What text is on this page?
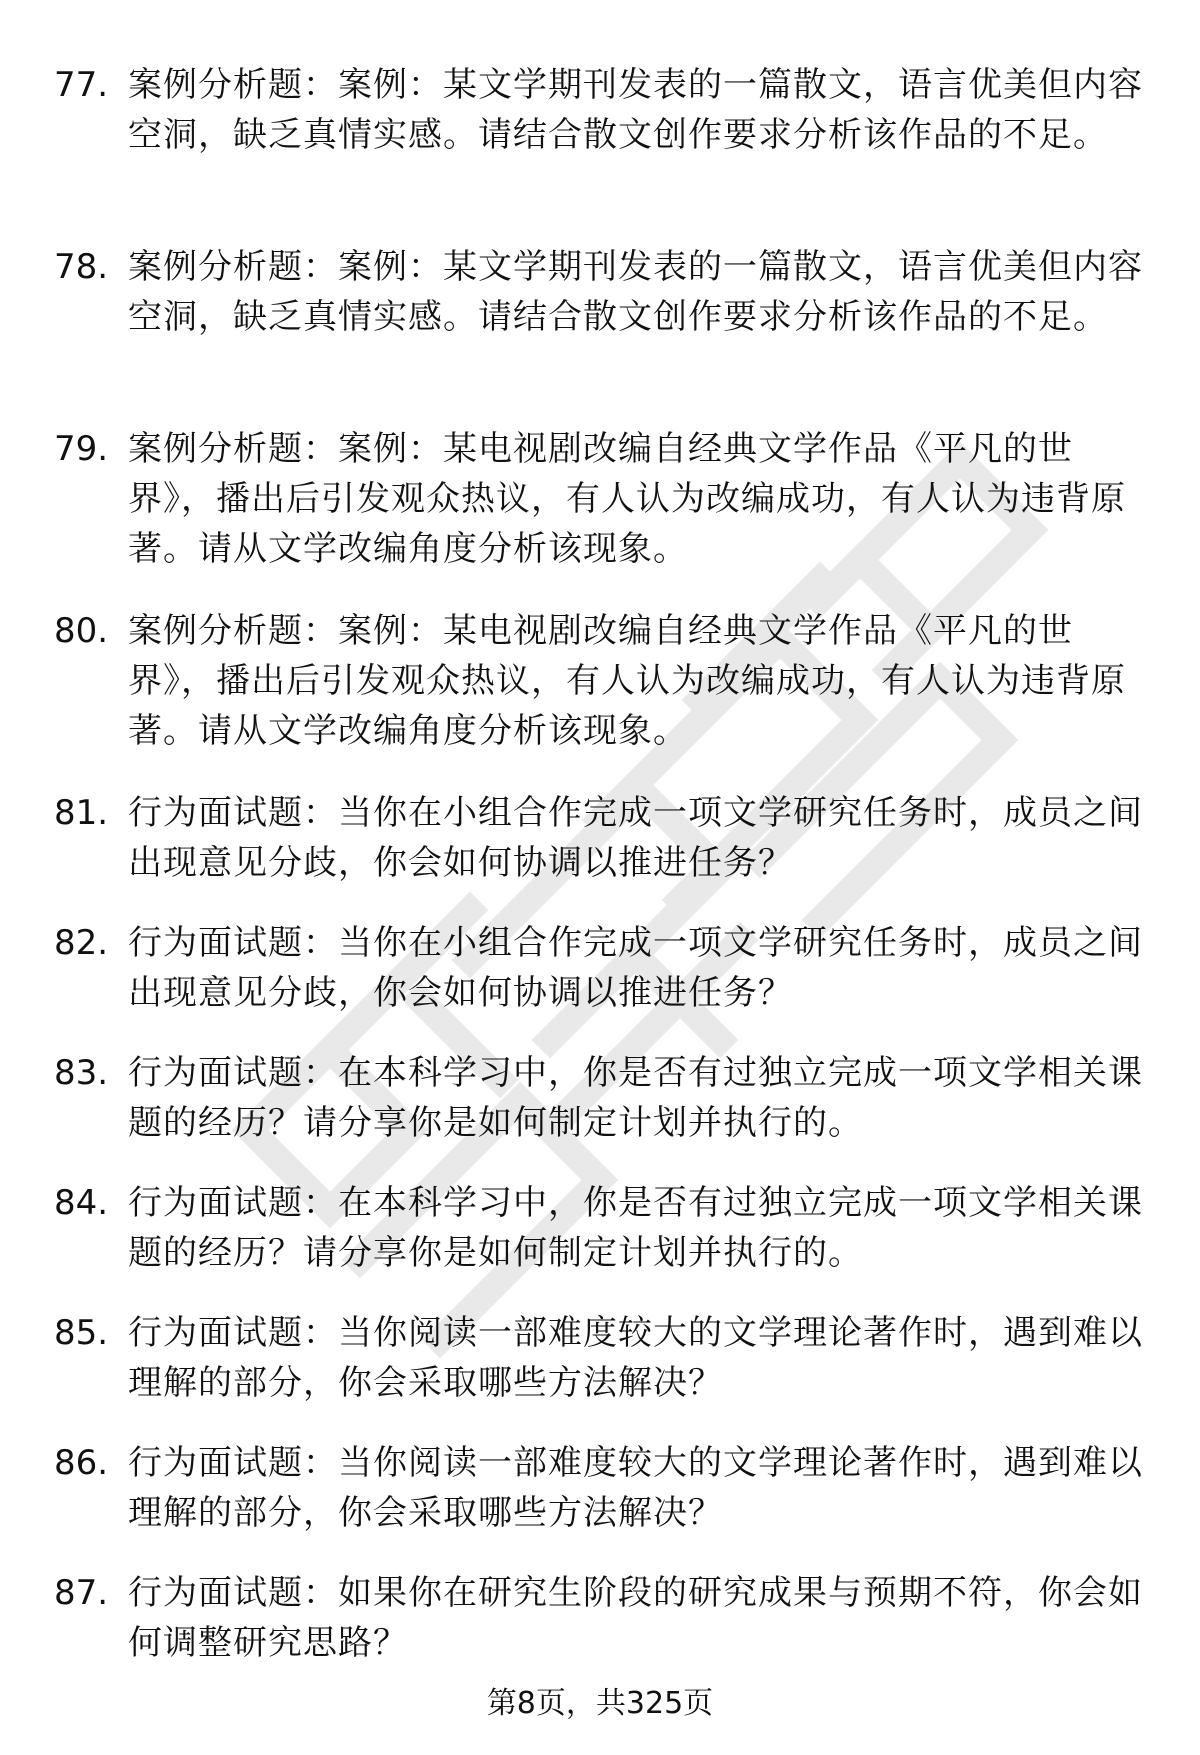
77. 案例分析题：案例：某文学期刊发表的一篇散文，语言优美但内容空洞，缺乏真情实感。请结合散文创作要求分析该作品的不足。
78. 案例分析题：案例：某文学期刊发表的一篇散文，语言优美但内容空洞，缺乏真情实感。请结合散文创作要求分析该作品的不足。
79. 案例分析题：案例：某电视剧改编自经典文学作品《平凡的世界》，播出后引发观众热议，有人认为改编成功，有人认为违背原著。请从文学改编角度分析该现象。
80. 案例分析题：案例：某电视剧改编自经典文学作品《平凡的世界》，播出后引发观众热议，有人认为改编成功，有人认为违背原著。请从文学改编角度分析该现象。
81. 行为面试题：当你在小组合作完成一项文学研究任务时，成员之间出现意见分歧，你会如何协调以推进任务？
82. 行为面试题：当你在小组合作完成一项文学研究任务时，成员之间出现意见分歧，你会如何协调以推进任务？
83. 行为面试题：在本科学习中，你是否有过独立完成一项文学相关课题的经历？请分享你是如何制定计划并执行的。
84. 行为面试题：在本科学习中，你是否有过独立完成一项文学相关课题的经历？请分享你是如何制定计划并执行的。
85. 行为面试题：当你阅读一部难度较大的文学理论著作时，遇到难以理解的部分，你会采取哪些方法解决？
86. 行为面试题：当你阅读一部难度较大的文学理论著作时，遇到难以理解的部分，你会采取哪些方法解决？
87. 行为面试题：如果你在研究生阶段的研究成果与预期不符，你会如何调整研究思路？
第8页，共325页
